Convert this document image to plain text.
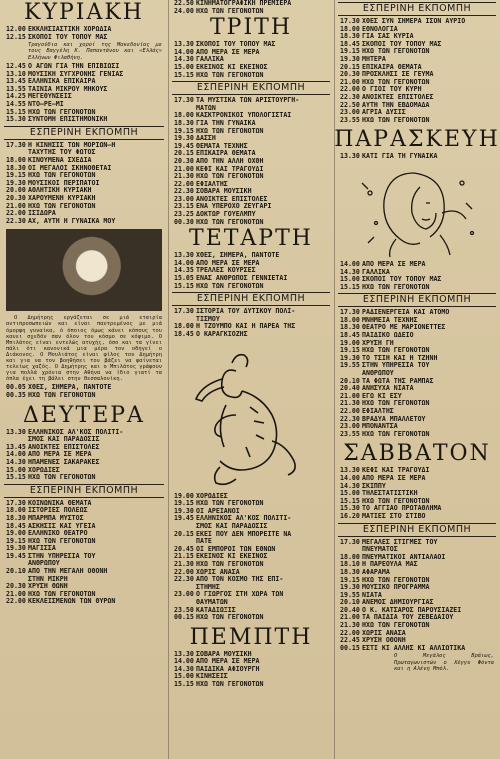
ΚΥΡΙΑΚΗ
12.00 ΕΚΚΛΗΣΙΑΣΤΙΚΗ ΧΟΡΩΔΙΑ
12.15 ΣΚΟΠΟΙ ΤΟΥ ΤΟΠΟΥ ΜΑΣ
Τραγούδια και χοροί της Μακεδονίας με τους Βαγγέλη Κ. Παπαντάνου και «Ελλάς» Ελλήνων Φιλαθήνη.
12.45 Ο ΑΓΩΝ ΓΙΑ ΤΗΝ ΕΠΙΒΙΩΣΙ
13.10 ΜΟΥΣΙΚΗ ΣΥΓΧΡΟΝΗΣ ΓΕΝΙΑΣ
13.45 ΕΛΛΗΝΙΚΑ ΕΠΙΚΑΙΡΑ
13.55 ΤΑΙΝΙΑ ΜΙΚΡΟΥ ΜΗΚΟΥΣ
14.25 ΜΕΓΕΘΥΝΣΕΙΣ
14.55 ΝΤΟ—ΡΕ—ΜΙ
15.15 ΗΧΩ ΤΩΝ ΓΕΓΟΝΟΤΩΝ
15.30 ΣΥΝΤΟΜΗ ΕΠΙΣΤΗΜΟΝΙΚΗ
ΕΣΠΕΡΙΝΗ ΕΚΠΟΜΠΗ
17.30 Η ΚΙΝΗΣΙΣ ΤΩΝ ΜΟΡΙΩΝ—Η
ΤΑΧΥΤΗΣ ΤΟΥ ΦΩΤΟΣ
18.00 ΚΙΝΟΥΜΕΝΑ ΣΧΕΔΙΑ
18.30 ΟΙ ΜΕΓΑΛΟΙ ΣΚΗΝΟΘΕΤΑΙ
19.15 ΗΧΩ ΤΩΝ ΓΕΓΟΝΟΤΩΝ
19.30 ΜΟΥΣΙΚΟΙ ΠΕΡΙΠΑΤΟΙ
20.00 ΑΘΛΗΤΙΚΗ ΚΥΡΙΑΚΗ
20.30 ΧΑΡΟΥΜΕΝΗ ΚΥΡΙΑΚΗ
21.00 ΗΧΩ ΤΩΝ ΓΕΓΟΝΟΤΩΝ
22.00 ΙΣΙΔΩΡΑ
22.30 ΑΧ, ΑΥΤΗ Η ΓΥΝΑΙΚΑ ΜΟΥ
Ο Δημήτρης εργάζεται σε μιά εταιρία αντιπροσωπειών και είναι παντρεμένος με μιά όμορφη γυναίκα, ό όποιος όμως κάνει κόπους του κανει σχεδόν σαν όλον τον κόσμο σε κόψιμο. Ο Μπιλάτος είναι εντελώς ατυχής, όσο και τα γίνει πάλι ότι κανονικά μια μέρα τον οδηγεί ο Διάκονος. Ο Μουλιάτος είναι φίλος του Δημήτρη και για να τον βοηθήσει τον βάζει να φαίνεται τελείως χαζός. Ο Δημήτρης και ο Μπιλάτος γράφουν για πολλά χρόνια στην Αθήνα να ίδιο γιατί τα όπλα έχει τη βάλει στην Θεσσαλονίκη.
00.05 ΧΘΕΣ, ΣΗΜΕΡΑ, ΠΑΝΤΟΤΕ
00.35 ΗΧΩ ΤΩΝ ΓΕΓΟΝΟΤΩΝ
ΔΕΥΤΕΡΑ
13.30 ΕΛΛΗΝΙΚΟΣ ΑΛ'ΚΟΣ ΠΟΛΙΤΙ-
ΣΜΟΣ ΚΑΙ ΠΑΡΑΔΟΣΙΣ
13.45 ΑΝΟΙΚΤΕΣ ΕΠΙΣΤΟΛΕΣ
14.00 ΑΠΟ ΜΕΡΑ ΣΕ ΜΕΡΑ
14.30 ΗΠΑΜΕΝΕΣ ΣΑΚΑΡΑΚΕΣ
15.00 ΧΟΡΩΔΙΕΣ
15.15 ΗΧΩ ΤΩΝ ΓΕΓΟΝΟΤΩΝ
ΕΣΠΕΡΙΝΗ ΕΚΠΟΜΠΗ
17.30 ΚΟΙΝΩΝΙΚΑ ΘΕΜΑΤΑ
18.00 ΙΣΤΟΡΙΕΣ ΠΟΛΕΩΣ
18.30 ΜΠΑΡΜΠΑ ΜΥΣΤΟΣ
18.45 ΑΣΚΗΣΙΣ ΚΑΙ ΥΓΕΙΑ
19.00 ΕΛΛΗΝΙΚΟ ΘΕΑΤΡΟ
19.15 ΗΧΩ ΤΩΝ ΓΕΓΟΝΟΤΩΝ
19.30 ΜΑΓΙΣΣΑ
19.45 ΣΤΗΝ ΥΠΗΡΕΣΙΑ ΤΟΥ
ΑΝΘΡΩΠΟΥ
20.10 ΑΠΟ ΤΗΝ ΜΕΓΑΛΗ ΟΘΟΝΗ
ΣΤΗΝ ΜΙΚΡΗ
20.30 ΧΡΥΣΗ ΘΩΝΗ
21.00 ΗΧΩ ΤΩΝ ΓΕΓΟΝΟΤΩΝ
22.00 ΚΕΚΛΕΙΣΜΕΝΩΝ ΤΩΝ ΘΥΡΩΝ
22.50 ΚΙΝΗΜΑΤΟΓΡΑΦΙΚΗ ΠΡΕΜΙΕΡΑ
24.00 ΗΧΩ ΤΩΝ ΓΕΓΟΝΟΤΩΝ
ΤΡΙΤΗ
13.30 ΣΚΟΠΟΙ ΤΟΥ ΤΟΠΟΥ ΜΑΣ
14.00 ΑΠΟ ΜΕΡΑ ΣΕ ΜΕΡΑ
14.30 ΓΑΛΛΙΚΑ
15.00 ΕΚΕΙΝΟΣ ΚΙ ΕΚΕΙΝΟΣ
15.15 ΗΧΩ ΤΩΝ ΓΕΓΟΝΟΤΩΝ
ΕΣΠΕΡΙΝΗ ΕΚΠΟΜΠΗ
17.30 ΤΑ ΜΥΣΤΙΚΑ ΤΩΝ ΑΡΙΣΤΟΥΡΓΗ-
ΜΑΤΩΝ
18.00 ΚΑΣΚΤΡΟΝΙΚΟΙ ΥΠΟΛΟΓΙΣΤΑΙ
18.30 ΓΙΑ ΤΗΝ ΓΥΝΑΙΚΑ
19.15 ΗΧΩ ΤΩΝ ΓΕΓΟΝΟΤΩΝ
19.30 ΔΑΣΣΗ
19.45 ΘΕΜΑΤΑ ΤΕΧΝΗΣ
20.15 ΕΠΙΚΑΙΡΑ ΘΕΜΑΤΑ
20.30 ΑΠΟ ΤΗΝ ΑΛΛΗ ΟΧΘΗ
21.00 ΚΕΦΙ ΚΑΙ ΤΡΑΓΟΥΔΙ
21.30 ΗΧΩ ΤΩΝ ΓΕΓΟΝΟΤΩΝ
22.00 ΕΦΙΑΛΤΗΣ
22.30 ΣΟΒΑΡΑ ΜΟΥΣΙΚΗ
23.00 ΑΝΟΙΚΤΕΣ ΕΠΙΣΤΟΛΕΣ
23.15 ΕΝΑ ΥΠΕΡΟΧΟ ΖΕΥΓΑΡΙ
23.25 ΔΟΚΤΩΡ ΓΟΥΕΛΜΠΥ
00.30 ΗΧΩ ΤΩΝ ΓΕΓΟΝΟΤΩΝ
ΤΕΤΑΡΤΗ
13.30 ΧΘΕΣ, ΣΗΜΕΡΑ, ΠΑΝΤΟΤΕ
14.00 ΑΠΟ ΜΕΡΑ ΣΕ ΜΕΡΑ
14.35 ΤΡΕΛΛΕΣ ΚΟΥΡΣΕΣ
15.05 ΕΝΑΣ ΑΝΘΡΩΠΟΣ ΓΕΝΝΙΕΤΑΙ
15.15 ΗΧΩ ΤΩΝ ΓΕΓΟΝΟΤΩΝ
ΕΣΠΕΡΙΝΗ ΕΚΠΟΜΠΗ
17.30 ΙΣΤΟΡΙΑ ΤΟΥ ΔΥΤΙΚΟΥ ΠΟΛΙ-
ΤΙΣΜΟΥ
18.00 Η ΤΖΟΥΜΠΟ ΚΑΙ Η ΠΑΡΕΑ ΤΗΣ
18.45 Ο ΚΑΡΑΓΚΙΟΖΗΣ
19.00 ΧΟΡΩΔΙΕΣ
19.15 ΗΧΩ ΤΩΝ ΓΕΓΟΝΟΤΩΝ
19.30 ΟΙ ΑΡΕΙΑΝΟΙ
19.45 ΕΛΛΗΝΙΚΟΣ ΑΛ'ΚΟΣ ΠΟΛΙΤΙ-
ΣΜΟΣ ΚΑΙ ΠΑΡΑΔΟΣΙΣ
20.15 ΕΚΕΙ ΠΟΥ ΔΕΝ ΜΠΟΡΕΙΤΕ ΝΑ
ΠΑΤΕ
20.45 ΟΙ ΕΜΠΟΡΟΙ ΤΩΝ ΕΘΝΩΝ
21.15 ΕΚΕΙΝΟΣ ΚΙ ΕΚΕΙΝΟΣ
21.30 ΗΧΩ ΤΩΝ ΓΕΓΟΝΟΤΩΝ
22.00 ΧΩΡΙΣ ΑΝΑΣΑ
22.30 ΑΠΟ ΤΟΝ ΚΟΣΜΟ ΤΗΣ ΕΠΙ-
ΣΤΗΜΗΣ
23.00 Ο ΓΙΩΡΓΟΣ ΣΤΗ ΧΩΡΑ ΤΩΝ
ΘΑΥΜΑΤΩΝ
23.50 ΚΑΤΑΔΙΩΞΙΣ
00.15 ΗΧΩ ΤΩΝ ΓΕΓΟΝΟΤΩΝ
ΠΕΜΠΤΗ
13.30 ΣΟΒΑΡΑ ΜΟΥΣΙΚΗ
14.00 ΑΠΟ ΜΕΡΑ ΣΕ ΜΕΡΑ
14.30 ΠΑΙΔΙΚΑ ΑΦΙΟΥΡΓΗ
15.00 ΚΙΝΗΣΕΙΣ
15.15 ΗΧΩ ΤΩΝ ΓΕΓΟΝΟΤΩΝ
ΕΣΠΕΡΙΝΗ ΕΚΠΟΜΠΗ
17.30 ΧΘΕΣ ΣΥΝ ΣΗΜΕΡΑ ΙΣΟΝ ΑΥΡΙΟ
18.00 ΕΘΝΟΛΟΓΙΑ
18.30 ΓΙΑ ΣΑΣ ΚΥΡΙΑ
18.45 ΣΚΟΠΟΙ ΤΟΥ ΤΟΠΟΥ ΜΑΣ
19.15 ΗΧΩ ΤΩΝ ΓΕΓΟΝΟΤΩΝ
19.30 ΜΗΤΕΡΑ
20.15 ΕΠΙΚΑΙΡΑ ΘΕΜΑΤΑ
20.30 ΠΡΟΣΚΛΗΣΙ ΣΕ ΓΕΥΜΑ
21.00 ΗΧΩ ΤΩΝ ΓΕΓΟΝΟΤΩΝ
22.00 Ο ΓΙΟΙ ΤΟΥ ΚΥΡΗ
22.30 ΑΝΟΙΚΤΕΣ ΕΠΙΣΤΟΛΕΣ
22.50 ΑΥΤΗ ΤΗΝ ΕΒΔΟΜΑΔΑ
23.00 ΑΓΡΙΑ ΔΥΣΙΣ
23.55 ΗΧΩ ΤΩΝ ΓΕΓΟΝΟΤΩΝ
ΠΑΡΑΣΚΕΥΗ
13.30 ΚΑΤΙ ΓΙΑ ΤΗ ΓΥΝΑΙΚΑ
14.00 ΑΠΟ ΜΕΡΑ ΣΕ ΜΕΡΑ
14.30 ΓΑΛΛΙΚΑ
15.00 ΣΚΟΠΟΙ ΤΟΥ ΤΟΠΟΥ ΜΑΣ
15.15 ΗΧΩ ΤΩΝ ΓΕΓΟΝΟΤΩΝ
ΕΣΠΕΡΙΝΗ ΕΚΠΟΜΠΗ
17.30 ΡΑΔΙΕΝΕΡΓΕΙΑ ΚΑΙ ΑΤΟΜΟ
18.00 ΜΝΗΜΕΙΑ ΤΕΧΝΗΣ
18.30 ΘΕΑΤΡΟ ΜΕ ΜΑΡΙΟΝΕΤΤΕΣ
18.45 ΠΑΙΔΙΚΟ ΩΔΕΙΟ
19.00 ΧΡΥΣΗ ΓΗ
19.15 ΗΧΩ ΤΩΝ ΓΕΓΟΝΟΤΩΝ
19.30 ΤΟ ΤΣΙΗ ΚΑΙ Η ΤΖΗΝΗ
19.55 ΣΤΗΝ ΥΠΗΡΕΣΙΑ ΤΟΥ
ΑΝΘΡΩΠΟΥ
20.10 ΤΑ ΦΩΤΑ ΤΗΣ ΡΑΜΠΑΣ
20.40 ΑΝΗΣΥΧΑ ΝΙΑΤΑ
21.00 ΕΓΩ ΚΙ ΕΣΥ
21.30 ΗΧΩ ΤΩΝ ΓΕΓΟΝΟΤΩΝ
22.00 ΕΦΙΑΛΤΗΣ
22.30 ΒΡΑΔΥΑ ΜΠΑΛΛΕΤΟΥ
23.00 ΜΠΟΝΑΝΤΣΑ
23.55 ΗΧΩ ΤΩΝ ΓΕΓΟΝΟΤΩΝ
ΣΑΒΒΑΤΟΝ
13.30 ΚΕΦΙ ΚΑΙ ΤΡΑΓΟΥΔΙ
14.00 ΑΠΟ ΜΕΡΑ ΣΕ ΜΕΡΑ
14.30 ΣΚΙΠΠΥ
15.00 ΤΗΛΕΣΤΑΤΙΣΤΙΚΗ
15.15 ΗΧΩ ΤΩΝ ΓΕΓΟΝΟΤΩΝ
15.30 ΤΟ ΑΓΓΙΑΟ ΠΡΩΤΑΘΛΗΜΑ
16.20 ΜΑΤΙΕΣ ΣΤΟ ΣΤΙΒΟ
ΕΣΠΕΡΙΝΗ ΕΚΠΟΜΠΗ
17.30 ΜΕΓΑΛΕΣ ΣΤΙΓΜΕΣ ΤΟΥ
ΠΝΕΥΜΑΤΟΣ
18.00 ΠΝΕΥΜΑΤΙΚΟΙ ΑΝΤΙΑΛΑΟΙ
18.10 Η ΠΑΡΕΟΥΛΑ ΜΑΣ
18.30 ΑΦΑΡΑΜΑ
19.15 ΗΧΩ ΤΩΝ ΓΕΓΟΝΟΤΩΝ
19.30 ΜΟΥΣΙΚΟ ΠΡΟΓΡΑΜΜΑ
19.55 ΝΙΑΤΑ
20.10 ΑΝΕΜΟΣ ΔΗΜΙΟΥΡΓΙΑΣ
20.40 Ο Κ. ΚΑΤΣΑΡΟΣ ΠΑΡΟΥΣΙΑΖΕΙ
21.00 ΤΑ ΠΑΙΔΙΑ ΤΟΥ ΖΕΒΕΔΑΙΟΥ
21.30 ΗΧΩ ΤΩΝ ΓΕΓΟΝΟΤΩΝ
22.00 ΧΩΡΙΣ ΑΝΑΣΑ
22.45 ΧΡΥΣΗ ΟΘΟΝΗ
00.15 ΕΣΤΙ ΚΙ ΑΛΛΗΣ ΚΙ ΑΛΛΙΩΤΙΚΑ
Ο Μεγάλος Βράιως, Πρωταγωνιστών ο Χέγγυ Φόντα και η Αλένη Μπόλ.
